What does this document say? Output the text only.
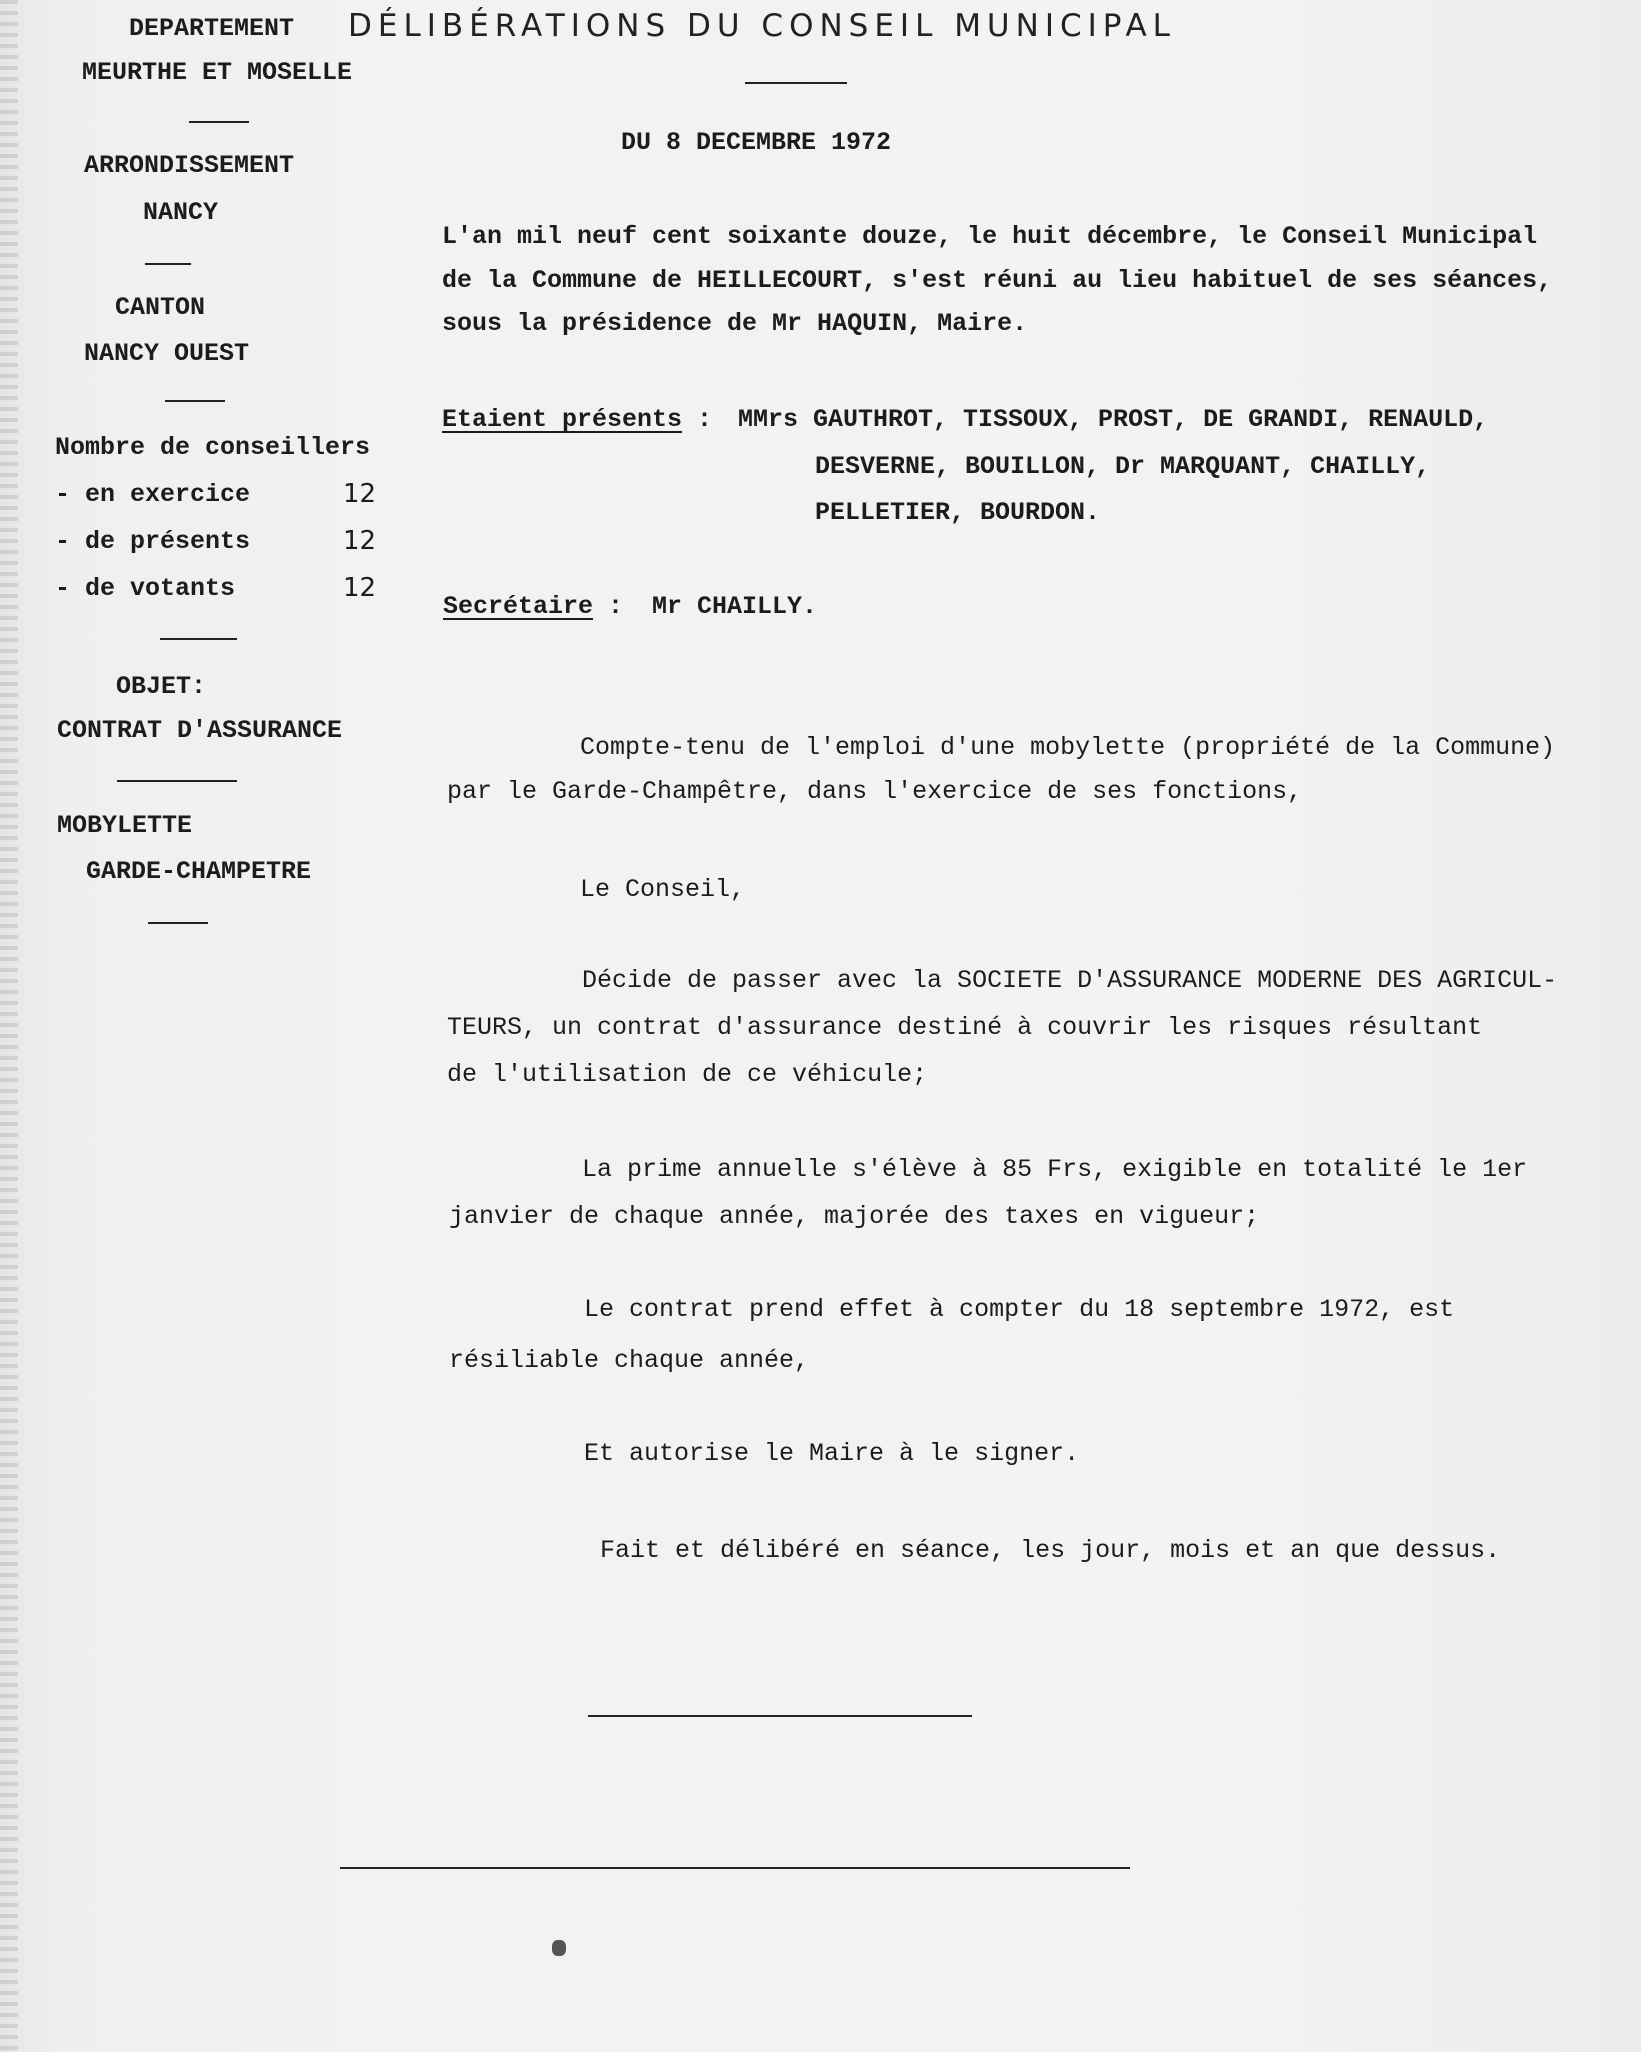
DÉLIBÉRATIONS DU CONSEIL MUNICIPAL
DEPARTEMENT
MEURTHE ET MOSELLE
ARRONDISSEMENT
NANCY
CANTON
NANCY OUEST
Nombre de conseillers
- en exercice	12
- de présents	12
- de votants	12
OBJET:
CONTRAT D'ASSURANCE
MOBYLETTE
GARDE-CHAMPETRE
DU 8 DECEMBRE 1972
L'an mil neuf cent soixante douze, le huit décembre, le Conseil Municipal
de la Commune de HEILLECOURT, s'est réuni au lieu habituel de ses séances,
sous la présidence de Mr HAQUIN, Maire.
Etaient présents : MMrs GAUTHROT, TISSOUX, PROST, DE GRANDI, RENAULD,
DESVERNE, BOUILLON, Dr MARQUANT, CHAILLY,
PELLETIER, BOURDON.
Secrétaire : Mr CHAILLY.
Compte-tenu de l'emploi d'une mobylette (propriété de la Commune)
par le Garde-Champêtre, dans l'exercice de ses fonctions,
Le Conseil,
Décide de passer avec la SOCIETE D'ASSURANCE MODERNE DES AGRICUL-
TEURS, un contrat d'assurance destiné à couvrir les risques résultant
de l'utilisation de ce véhicule;
La prime annuelle s'élève à 85 Frs, exigible en totalité le 1er
janvier de chaque année, majorée des taxes en vigueur;
Le contrat prend effet à compter du 18 septembre 1972, est
résiliable chaque année,
Et autorise le Maire à le signer.
Fait et délibéré en séance, les jour, mois et an que dessus.
